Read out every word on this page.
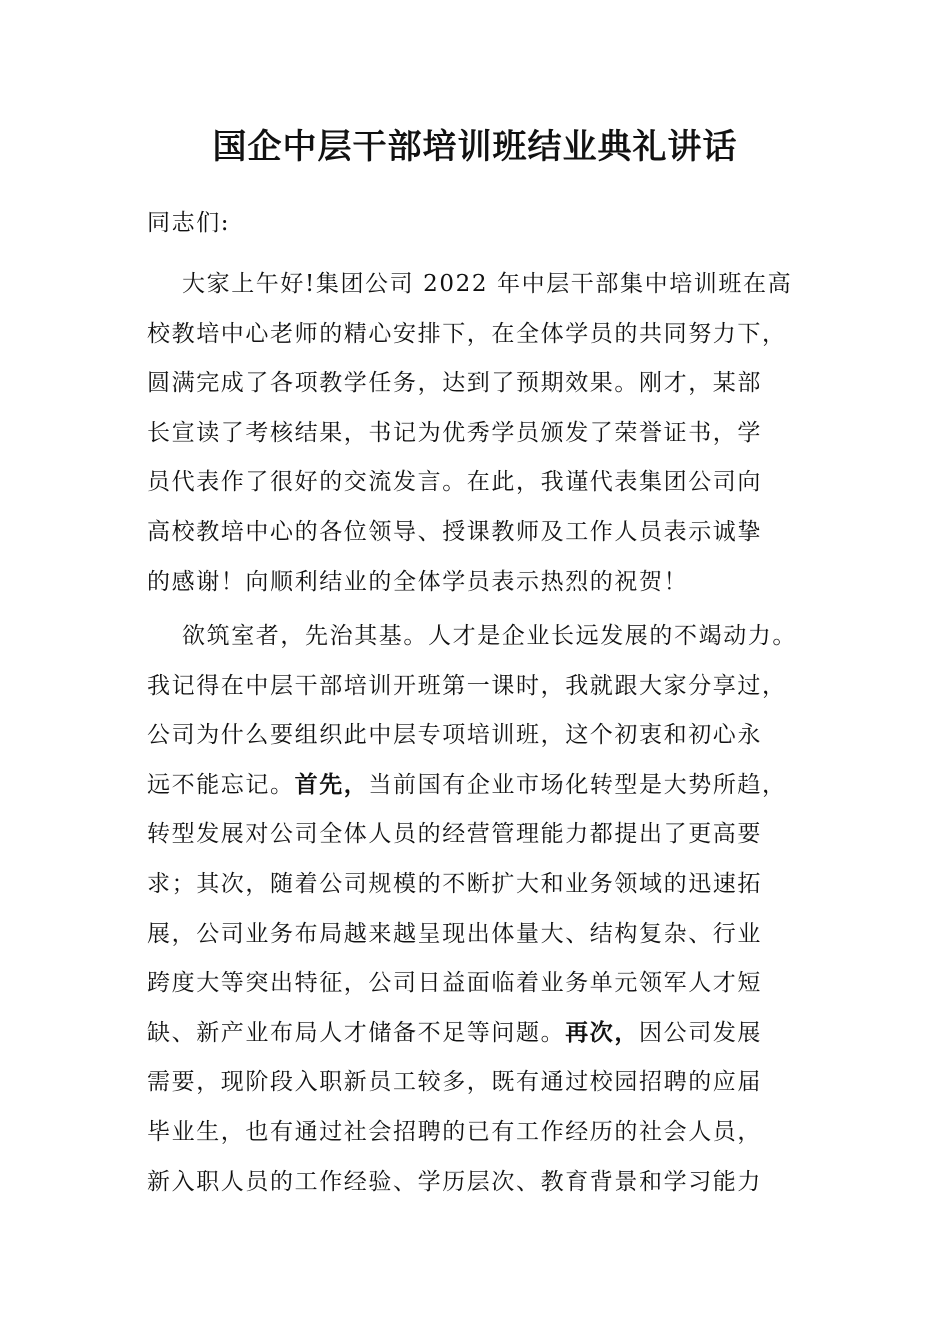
国企中层干部培训班结业典礼讲话
同志们:
大家上午好!集团公司 2022 年中层干部集中培训班在高
校教培中心老师的精心安排下，在全体学员的共同努力下，
圆满完成了各项教学任务，达到了预期效果。刚才，某部
长宣读了考核结果，书记为优秀学员颁发了荣誉证书，学
员代表作了很好的交流发言。在此，我谨代表集团公司向
高校教培中心的各位领导、授课教师及工作人员表示诚挚
的感谢！向顺利结业的全体学员表示热烈的祝贺！
欲筑室者，先治其基。人才是企业长远发展的不竭动力。
我记得在中层干部培训开班第一课时，我就跟大家分享过，
公司为什么要组织此中层专项培训班，这个初衷和初心永
远不能忘记。首先，当前国有企业市场化转型是大势所趋，
转型发展对公司全体人员的经营管理能力都提出了更高要
求；其次，随着公司规模的不断扩大和业务领域的迅速拓
展，公司业务布局越来越呈现出体量大、结构复杂、行业
跨度大等突出特征，公司日益面临着业务单元领军人才短
缺、新产业布局人才储备不足等问题。再次，因公司发展
需要，现阶段入职新员工较多，既有通过校园招聘的应届
毕业生，也有通过社会招聘的已有工作经历的社会人员，
新入职人员的工作经验、学历层次、教育背景和学习能力
